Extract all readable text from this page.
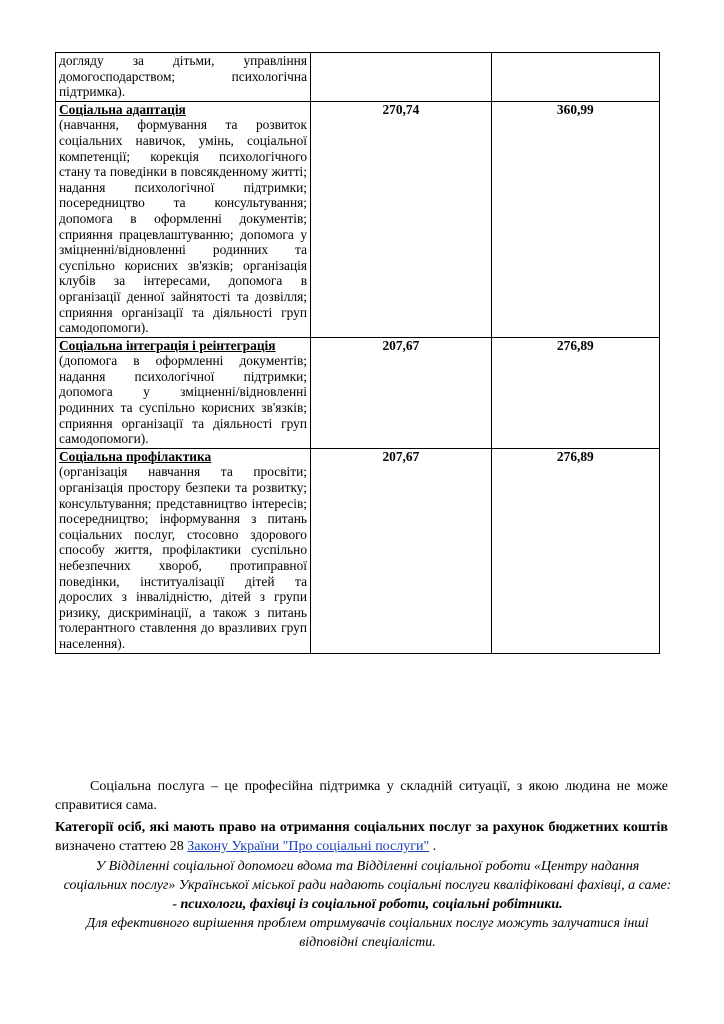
догляду за дітьми, управління домогосподарством; психологічна підтримка).		
Соціальна адаптація
(навчання, формування та розвиток соціальних навичок, умінь, соціальної компетенції; корекція психологічного стану та поведінки в повсякденному житті; надання психологічної підтримки; посередництво та консультування; допомога в оформленні документів; сприяння працевлаштуванню; допомога у зміцненні/відновленні родинних та суспільно корисних зв'язків; організація клубів за інтересами, допомога в організації денної зайнятості та дозвілля; сприяння організації та діяльності груп самодопомоги).	270,74	360,99
Соціальна інтеграція і реінтеграція
(допомога в оформленні документів; надання психологічної підтримки; допомога у зміцненні/відновленні родинних та суспільно корисних зв'язків; сприяння організації та діяльності груп самодопомоги).	207,67	276,89
Соціальна профілактика
(організація навчання та просвіти; організація простору безпеки та розвитку; консультування; представництво інтересів; посередництво; інформування з питань соціальних послуг, стосовно здорового способу життя, профілактики суспільно небезпечних хвороб, протиправної поведінки, інституалізації дітей та дорослих з інвалідністю, дітей з групи ризику, дискримінації, а також з питань толерантного ставлення до вразливих груп населення).	207,67	276,89

Соціальна послуга – це професійна підтримка у складній ситуації, з якою людина не може справитися сама.

Категорії осіб, які мають право на отримання соціальних послуг за рахунок бюджетних коштів визначено статтею 28 Закону України "Про соціальні послуги" .

У Відділенні соціальної допомоги вдома та Відділенні соціальної роботи «Центру надання
соціальних послуг» Української міської ради надають соціальні послуги кваліфіковані фахівці, а саме:
- психологи, фахівці із соціальної роботи, соціальні робітники.
Для ефективного вирішення проблем отримувачів соціальних послуг можуть залучатися інші
відповідні спеціалісти.
